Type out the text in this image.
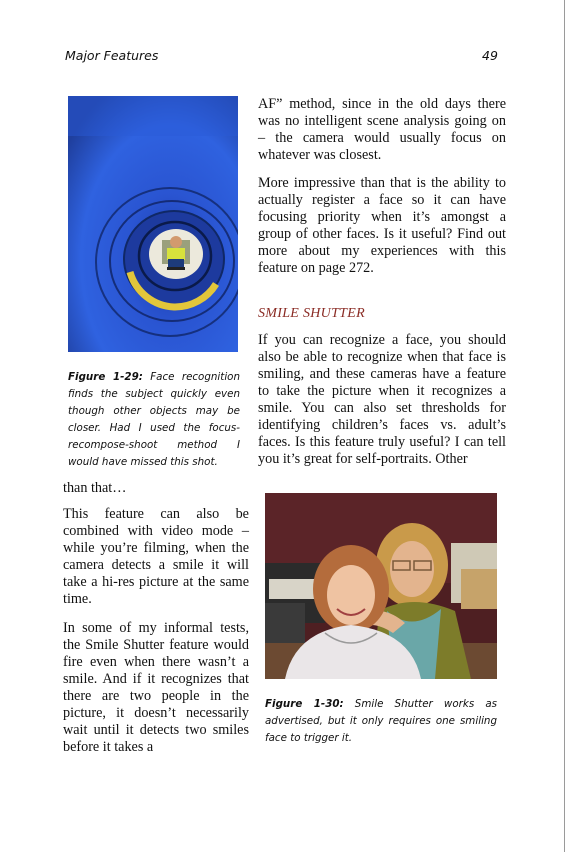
Major Features	49

Figure 1-29: Face recognition finds the subject quickly even though other objects may be closer. Had I used the focus-recompose-shoot method I would have missed this shot.

AF” method, since in the old days there was no intelligent scene analysis going on – the camera would usually focus on whatever was closest.

More impressive than that is the ability to actually register a face so it can have focusing priority when it’s amongst a group of other faces. Is it useful? Find out more about my experiences with this feature on page 272.

SMILE SHUTTER

If you can recognize a face, you should also be able to recognize when that face is smiling, and these cameras have a feature to take the picture when it recognizes a smile. You can also set thresholds for identifying children’s faces vs. adult’s faces. Is this feature truly useful? I can tell you it’s great for self-portraits. Other

than that…

This feature can also be combined with video mode – while you’re filming, when the camera detects a smile it will take a hi-res picture at the same time.

In some of my informal tests, the Smile Shutter feature would fire even when there wasn’t a smile. And if it recognizes that there are two people in the picture, it doesn’t necessarily wait until it detects two smiles before it takes a

Figure 1-30: Smile Shutter works as advertised, but it only requires one smiling face to trigger it.
